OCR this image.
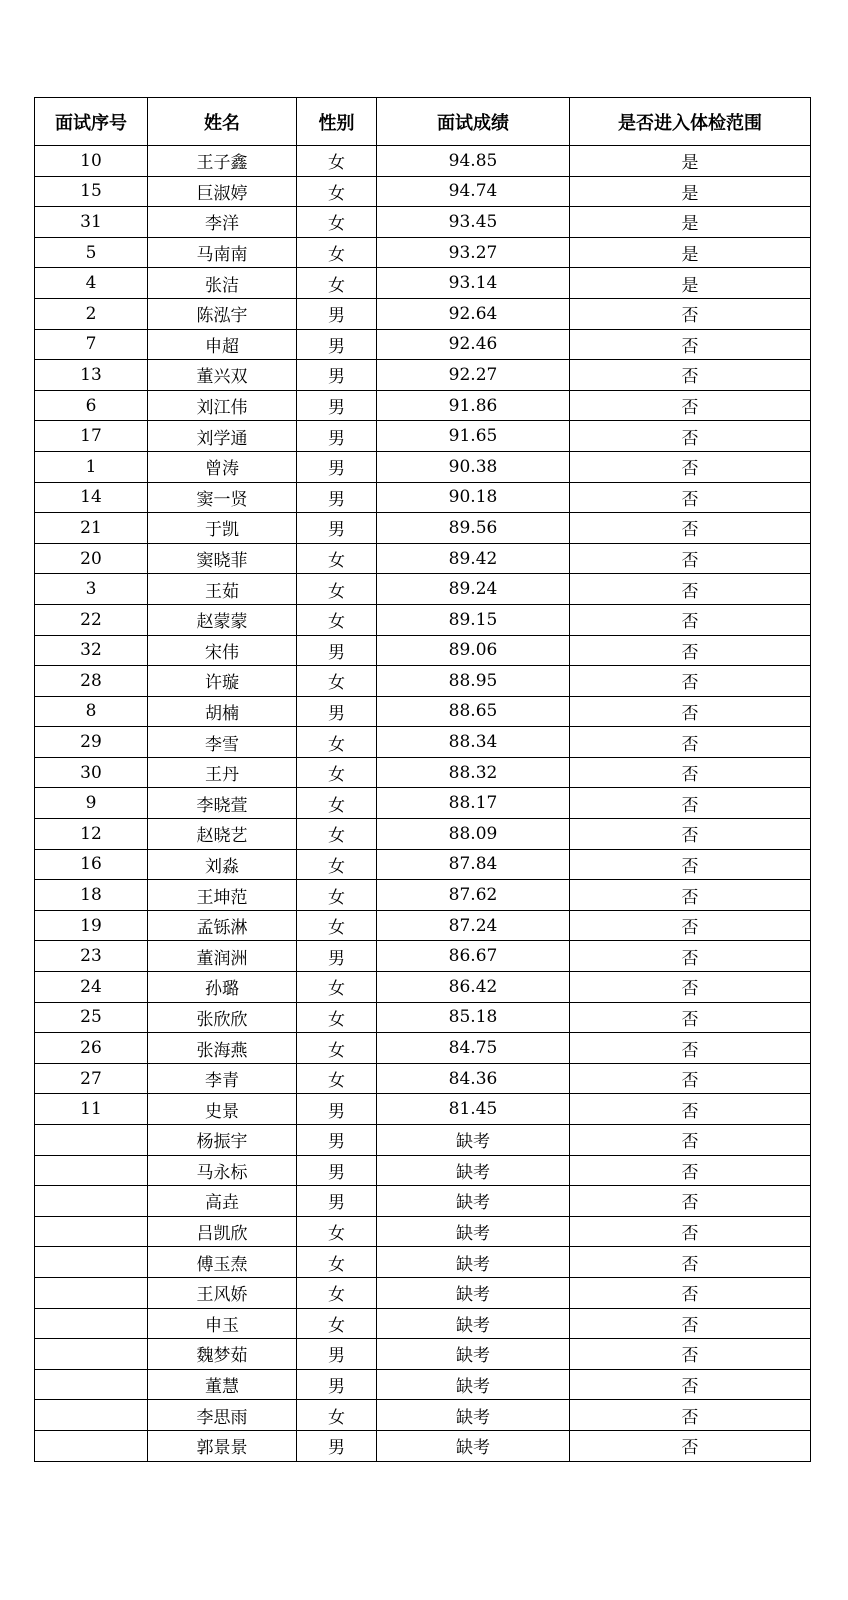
面试序号	姓名	性别	面试成绩	是否进入体检范围
10	王子鑫	女	94.85	是
15	巨淑婷	女	94.74	是
31	李洋	女	93.45	是
5	马南南	女	93.27	是
4	张洁	女	93.14	是
2	陈泓宇	男	92.64	否
7	申超	男	92.46	否
13	董兴双	男	92.27	否
6	刘江伟	男	91.86	否
17	刘学通	男	91.65	否
1	曾涛	男	90.38	否
14	窦一贤	男	90.18	否
21	于凯	男	89.56	否
20	窦晓菲	女	89.42	否
3	王茹	女	89.24	否
22	赵蒙蒙	女	89.15	否
32	宋伟	男	89.06	否
28	许璇	女	88.95	否
8	胡楠	男	88.65	否
29	李雪	女	88.34	否
30	王丹	女	88.32	否
9	李晓萱	女	88.17	否
12	赵晓艺	女	88.09	否
16	刘淼	女	87.84	否
18	王坤范	女	87.62	否
19	孟铄淋	女	87.24	否
23	董润洲	男	86.67	否
24	孙璐	女	86.42	否
25	张欣欣	女	85.18	否
26	张海燕	女	84.75	否
27	李青	女	84.36	否
11	史景	男	81.45	否
	杨振宇	男	缺考	否
	马永标	男	缺考	否
	高垚	男	缺考	否
	吕凯欣	女	缺考	否
	傅玉焘	女	缺考	否
	王风娇	女	缺考	否
	申玉	女	缺考	否
	魏梦茹	男	缺考	否
	董慧	男	缺考	否
	李思雨	女	缺考	否
	郭景景	男	缺考	否
